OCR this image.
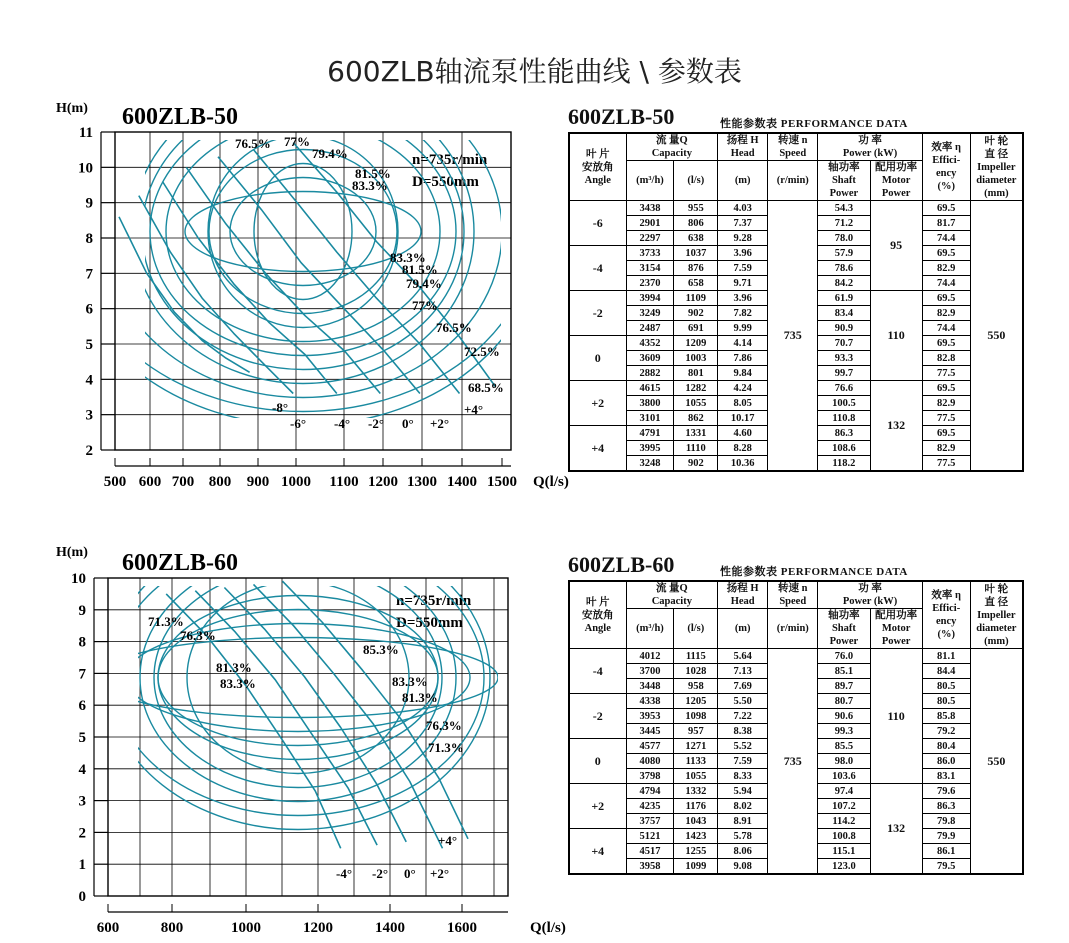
600ZLB轴流泵性能曲线 \ 参数表
2
3
4
5
6
7
8
9
10
11
H(m)
500 600 700 800 900 1000 1100 1200 1300 1400 1500 Q(l/s)
600ZLB-50
n=735r/min
D=550mm
76.5% 77%
79.4%
81.5%
83.3%
83.3%
81.5%
79.4%
77%
76.5%
72.5%
68.5%
-8°
-6° -4° -2° 0° +2°
+4°
0
1
2
3
4
5
6
7
8
9
10
H(m)
600	800	1000	1200	1400	1600	Q(l/s)
600ZLB-60
n=735r/min
D=550mm
71.3%
76.3%
81.3%
83.3%
85.3%
83.3%
81.3%
76.3%
71.3%
-4° -2° 0° +2°
+4°
600ZLB-50	性能参数表 PERFORMANCE DATA
叶 片
安放角
Angle	流 量Q
Capacity		扬程 H
Head	转速 n
Speed	功 率
Power (kW)		效率 η
Effici-
ency
(%)	叶 轮
直 径
Impeller
diameter
(mm)
	(m³/h)	(l/s)	(m)	(r/min)	轴功率
Shaft
Power	配用功率
Motor
Power		
-6	3438	955	4.03	735	54.3	95	69.5	550
	2901	806	7.37		71.2		81.7	
	2297	638	9.28		78.0		74.4	
-4	3733	1037	3.96		57.9		69.5	
	3154	876	7.59		78.6		82.9	
	2370	658	9.71		84.2		74.4	
-2	3994	1109	3.96		61.9	110	69.5	
	3249	902	7.82		83.4		82.9	
	2487	691	9.99		90.9		74.4	
0	4352	1209	4.14		70.7		69.5	
	3609	1003	7.86		93.3		82.8	
	2882	801	9.84		99.7		77.5	
+2	4615	1282	4.24		76.6	132	69.5	
	3800	1055	8.05		100.5		82.9	
	3101	862	10.17		110.8		77.5	
+4	4791	1331	4.60		86.3		69.5	
	3995	1110	8.28		108.6		82.9	
	3248	902	10.36		118.2		77.5	
600ZLB-60	性能参数表 PERFORMANCE DATA
叶 片
安放角
Angle	流 量Q
Capacity		扬程 H
Head	转速 n
Speed	功 率
Power (kW)		效率 η
Effici-
ency
(%)	叶 轮
直 径
Impeller
diameter
(mm)
	(m³/h)	(l/s)	(m)	(r/min)	轴功率
Shaft
Power	配用功率
Motor
Power		
-4	4012	1115	5.64	735	76.0	110	81.1	550
	3700	1028	7.13		85.1		84.4	
	3448	958	7.69		89.7		80.5	
-2	4338	1205	5.50		80.7		80.5	
	3953	1098	7.22		90.6		85.8	
	3445	957	8.38		99.3		79.2	
0	4577	1271	5.52		85.5		80.4	
	4080	1133	7.59		98.0		86.0	
	3798	1055	8.33		103.6		83.1	
+2	4794	1332	5.94		97.4	132	79.6	
	4235	1176	8.02		107.2		86.3	
	3757	1043	8.91		114.2		79.8	
+4	5121	1423	5.78		100.8		79.9	
	4517	1255	8.06		115.1		86.1	
	3958	1099	9.08		123.0		79.5	
